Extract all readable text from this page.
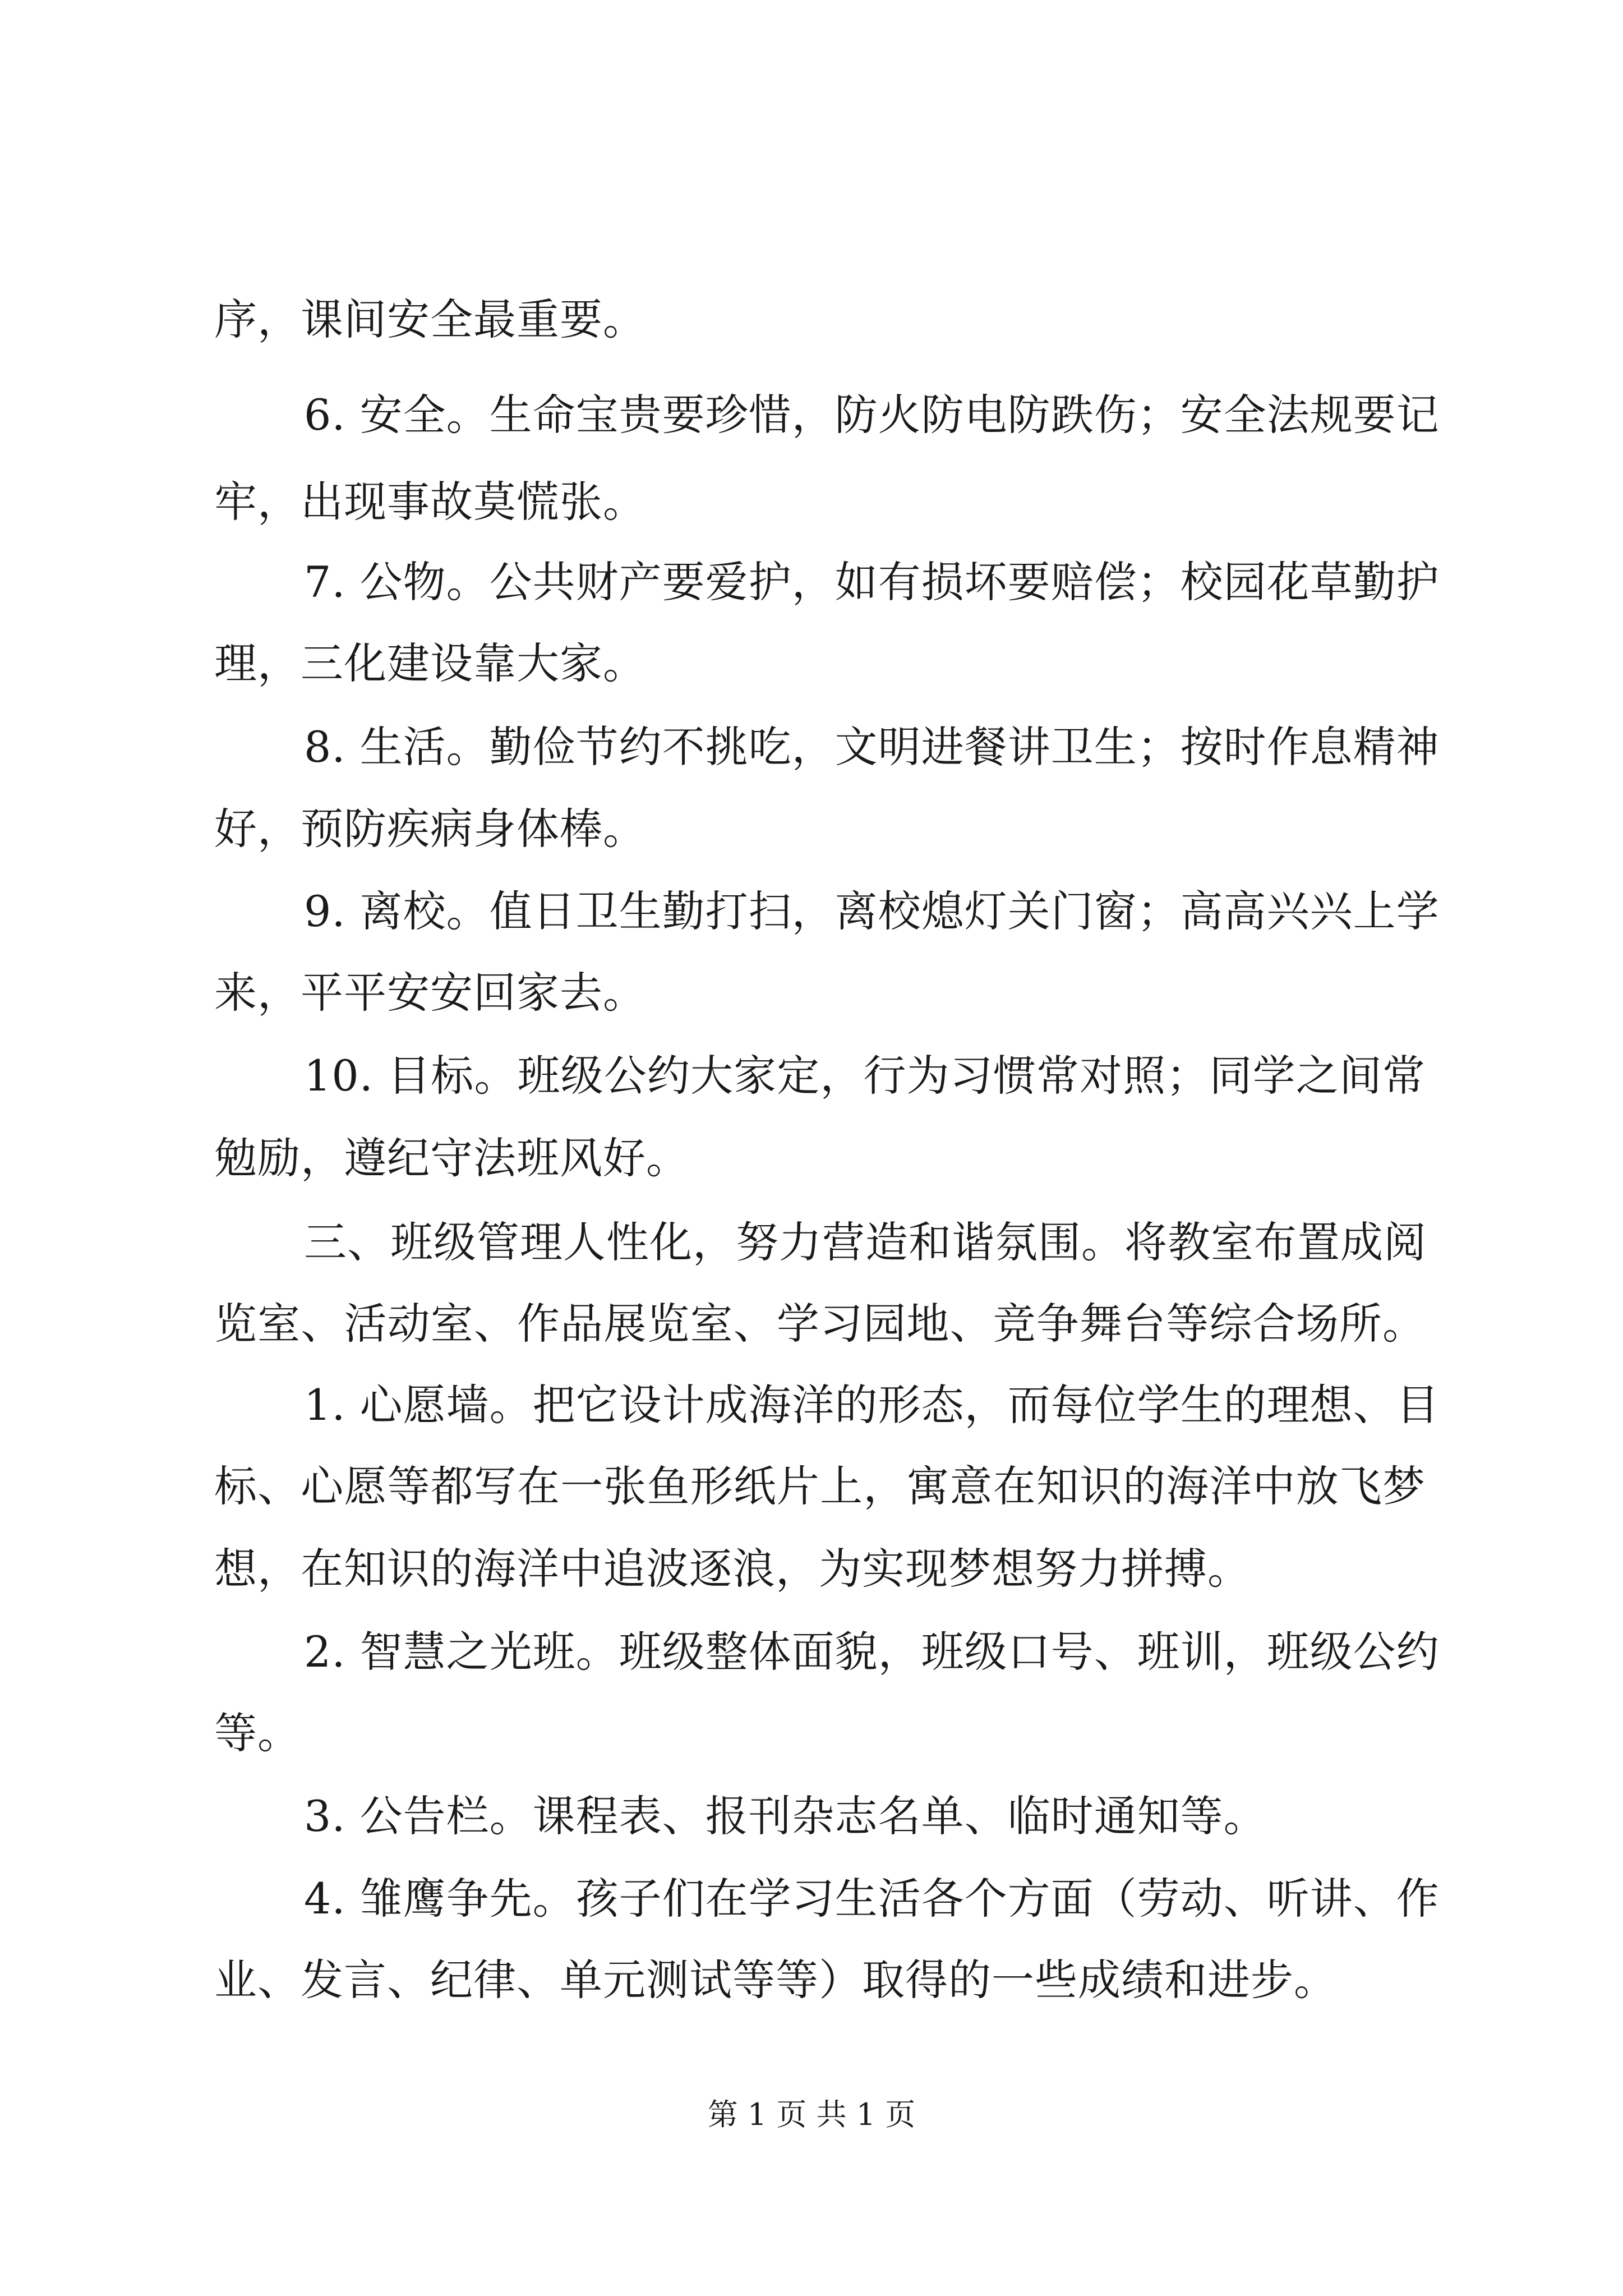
序，课间安全最重要。
6. 安全。生命宝贵要珍惜，防火防电防跌伤；安全法规要记
牢，出现事故莫慌张。
7. 公物。公共财产要爱护，如有损坏要赔偿；校园花草勤护
理，三化建设靠大家。
8. 生活。勤俭节约不挑吃，文明进餐讲卫生；按时作息精神
好，预防疾病身体棒。
9. 离校。值日卫生勤打扫，离校熄灯关门窗；高高兴兴上学
来，平平安安回家去。
10. 目标。班级公约大家定，行为习惯常对照；同学之间常
勉励，遵纪守法班风好。
三、班级管理人性化，努力营造和谐氛围。将教室布置成阅
览室、活动室、作品展览室、学习园地、竞争舞台等综合场所。
1. 心愿墙。把它设计成海洋的形态，而每位学生的理想、目
标、心愿等都写在一张鱼形纸片上，寓意在知识的海洋中放飞梦
想，在知识的海洋中追波逐浪，为实现梦想努力拼搏。
2. 智慧之光班。班级整体面貌，班级口号、班训，班级公约
等。
3. 公告栏。课程表、报刊杂志名单、临时通知等。
4. 雏鹰争先。孩子们在学习生活各个方面（劳动、听讲、作
业、发言、纪律、单元测试等等）取得的一些成绩和进步。
第 1 页 共 1 页
